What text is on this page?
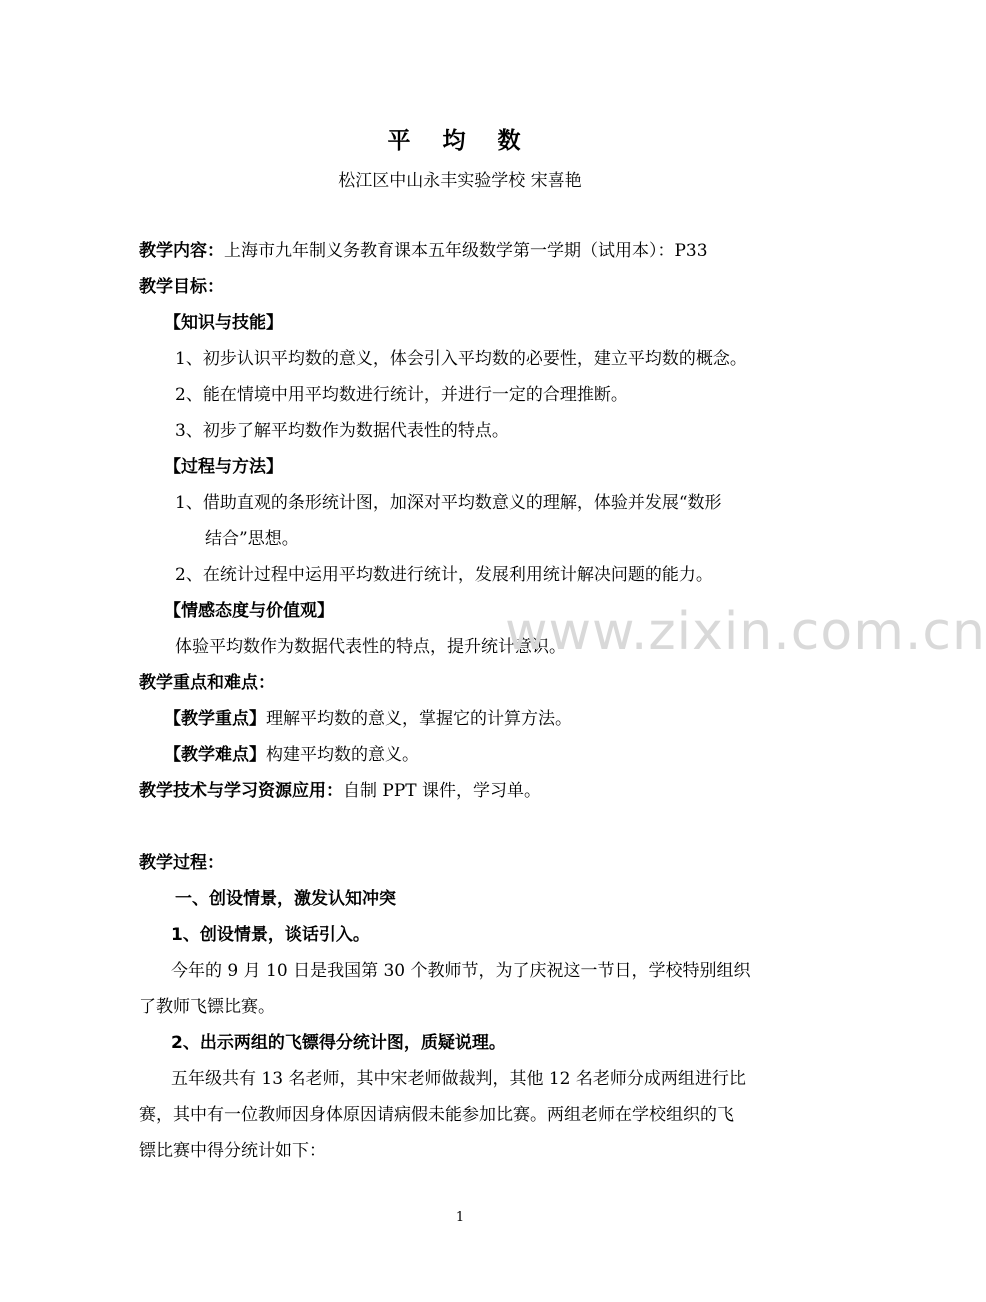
平 均 数
松江区中山永丰实验学校 宋喜艳

教学内容：上海市九年制义务教育课本五年级数学第一学期（试用本）：P33

教学目标：

【知识与技能】

1、初步认识平均数的意义，体会引入平均数的必要性，建立平均数的概念。

2、能在情境中用平均数进行统计，并进行一定的合理推断。

3、初步了解平均数作为数据代表性的特点。

【过程与方法】

1、借助直观的条形统计图，加深对平均数意义的理解，体验并发展“数形

结合”思想。

2、在统计过程中运用平均数进行统计，发展利用统计解决问题的能力。

【情感态度与价值观】

体验平均数作为数据代表性的特点，提升统计意识。

教学重点和难点：

【教学重点】理解平均数的意义，掌握它的计算方法。

【教学难点】构建平均数的意义。

教学技术与学习资源应用：自制 PPT 课件，学习单。

教学过程：

一、创设情景，激发认知冲突

1、创设情景，谈话引入。

今年的 9 月 10 日是我国第 30 个教师节，为了庆祝这一节日，学校特别组织

了教师飞镖比赛。

2、出示两组的飞镖得分统计图，质疑说理。

五年级共有 13 名老师，其中宋老师做裁判，其他 12 名老师分成两组进行比

赛，其中有一位教师因身体原因请病假未能参加比赛。两组老师在学校组织的飞

镖比赛中得分统计如下：

www.zixin.com.cn
1
